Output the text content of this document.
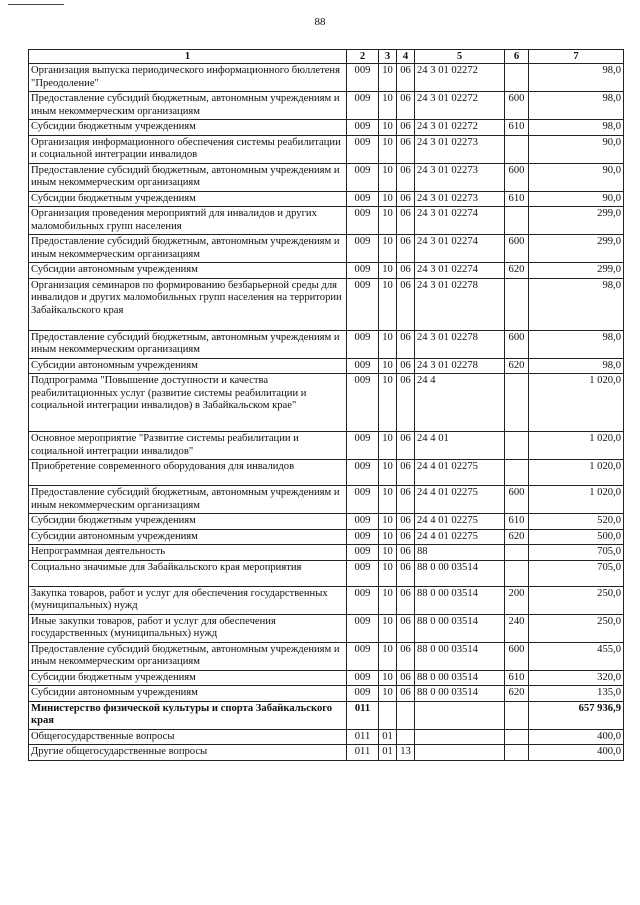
88
1	2	3	4	5	6	7
Организация выпуска периодического информационного бюллетеня "Преодоление"	009	10	06	24 3 01 02272		98,0
Предоставление субсидий бюджетным, автономным учреждениям и иным некоммерческим организациям	009	10	06	24 3 01 02272	600	98,0
Субсидии бюджетным учреждениям	009	10	06	24 3 01 02272	610	98,0
Организация информационного обеспечения системы реабилитации и социальной интеграции инвалидов	009	10	06	24 3 01 02273		90,0
Предоставление субсидий бюджетным, автономным учреждениям и иным некоммерческим организациям	009	10	06	24 3 01 02273	600	90,0
Субсидии бюджетным учреждениям	009	10	06	24 3 01 02273	610	90,0
Организация проведения мероприятий для инвалидов и других маломобильных групп населения	009	10	06	24 3 01 02274		299,0
Предоставление субсидий бюджетным, автономным учреждениям и иным некоммерческим организациям	009	10	06	24 3 01 02274	600	299,0
Субсидии автономным учреждениям	009	10	06	24 3 01 02274	620	299,0
Организация семинаров по формированию безбарьерной среды для инвалидов и других маломобильных групп населения на территории Забайкальского края	009	10	06	24 3 01 02278		98,0
Предоставление субсидий бюджетным, автономным учреждениям и иным некоммерческим организациям	009	10	06	24 3 01 02278	600	98,0
Субсидии автономным учреждениям	009	10	06	24 3 01 02278	620	98,0
Подпрограмма "Повышение доступности и качества реабилитационных услуг (развитие системы реабилитации и социальной интеграции инвалидов) в Забайкальском крае"	009	10	06	24 4		1 020,0
Основное мероприятие "Развитие системы реабилитации и социальной интеграции инвалидов"	009	10	06	24 4 01		1 020,0
Приобретение современного оборудования для инвалидов	009	10	06	24 4 01 02275		1 020,0
Предоставление субсидий бюджетным, автономным учреждениям и иным некоммерческим организациям	009	10	06	24 4 01 02275	600	1 020,0
Субсидии бюджетным учреждениям	009	10	06	24 4 01 02275	610	520,0
Субсидии автономным учреждениям	009	10	06	24 4 01 02275	620	500,0
Непрограммная деятельность	009	10	06	88		705,0
Социально значимые для Забайкальского края мероприятия	009	10	06	88 0 00 03514		705,0
Закупка товаров, работ и услуг для обеспечения государственных (муниципальных) нужд	009	10	06	88 0 00 03514	200	250,0
Иные закупки товаров, работ и услуг для обеспечения государственных (муниципальных) нужд	009	10	06	88 0 00 03514	240	250,0
Предоставление субсидий бюджетным, автономным учреждениям и иным некоммерческим организациям	009	10	06	88 0 00 03514	600	455,0
Субсидии бюджетным учреждениям	009	10	06	88 0 00 03514	610	320,0
Субсидии автономным учреждениям	009	10	06	88 0 00 03514	620	135,0
Министерство физической культуры и спорта Забайкальского края	011					657 936,9
Общегосударственные вопросы	011	01				400,0
Другие общегосударственные вопросы	011	01	13			400,0
